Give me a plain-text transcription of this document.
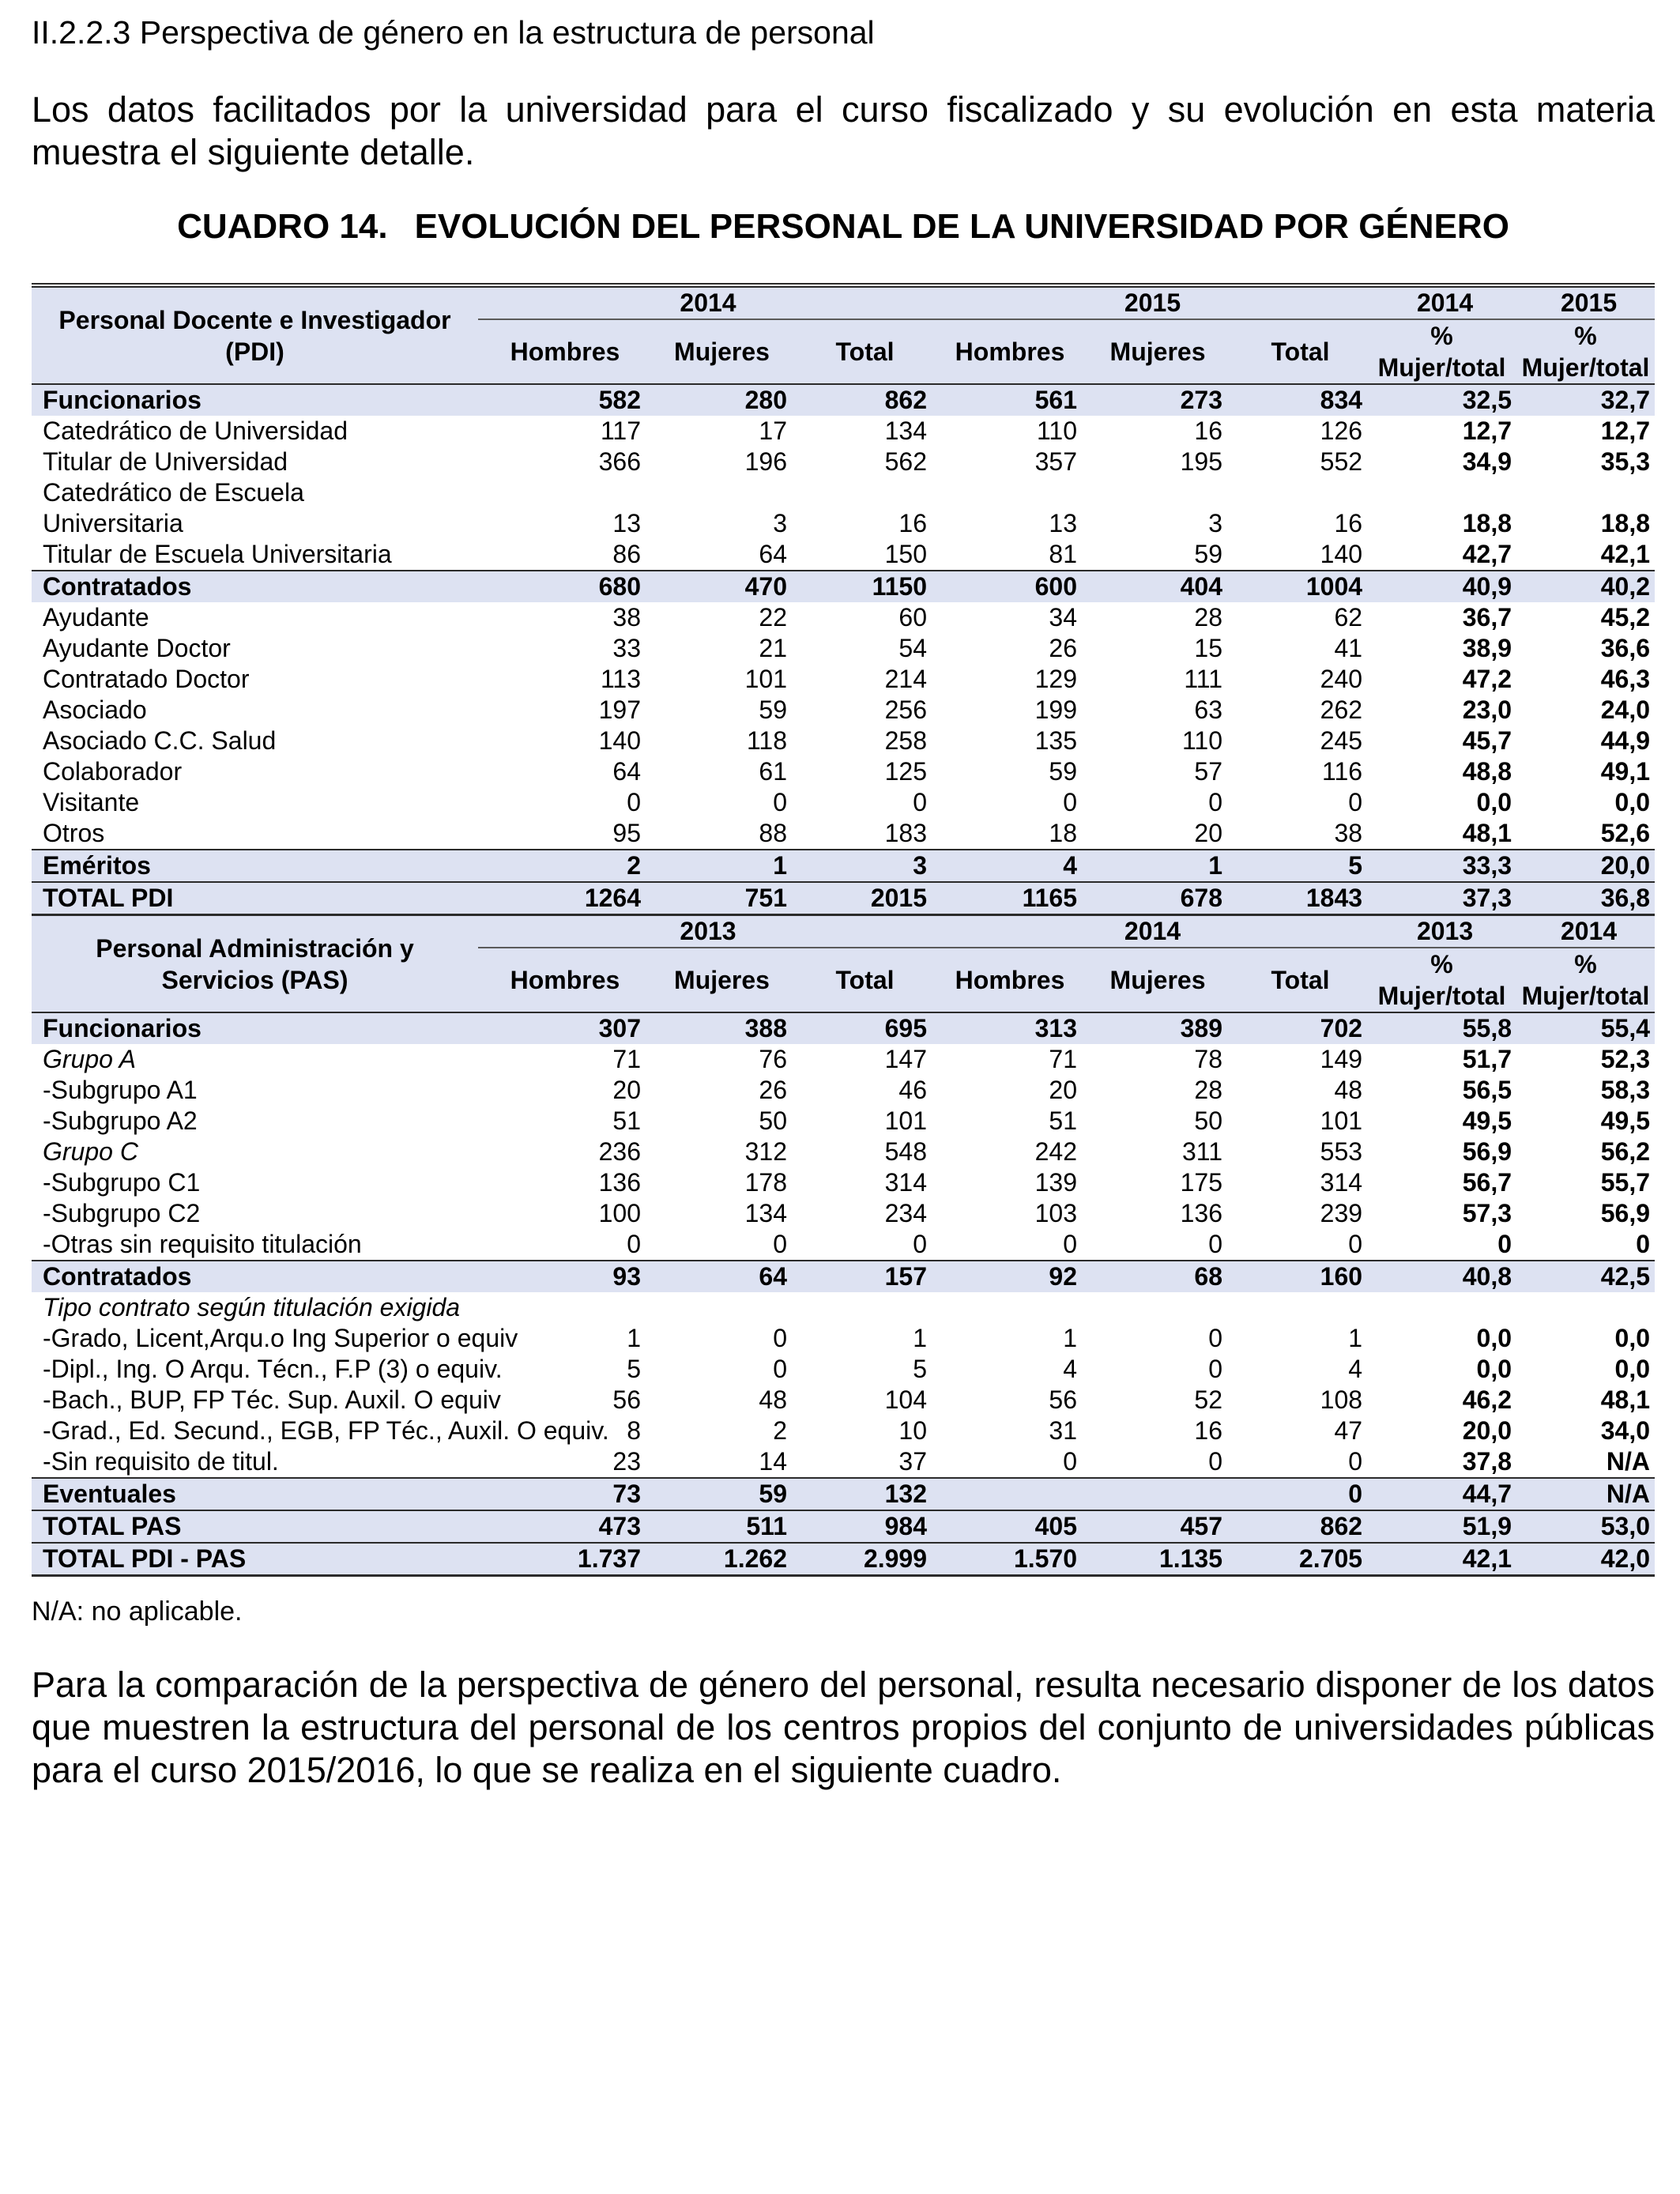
II.2.2.3 Perspectiva de género en la estructura de personal
Los datos facilitados por la universidad para el curso fiscalizado y su evolución en esta materia muestra el siguiente detalle.
CUADRO 14. EVOLUCIÓN DEL PERSONAL DE LA UNIVERSIDAD POR GÉNERO
Personal Docente e Investigador (PDI)	2014			2015			2014	2015
	Hombres	Mujeres	Total	Hombres	Mujeres	Total	% Mujer/total	% Mujer/total

Funcionarios	582	280	862	561	273	834	32,5	32,7
Catedrático de Universidad	117	17	134	110	16	126	12,7	12,7
Titular de Universidad	366	196	562	357	195	552	34,9	35,3

Catedrático de Escuela
Universitaria	13	3	16	13	3	16	18,8	18,8
Titular de Escuela Universitaria	86	64	150	81	59	140	42,7	42,1
Contratados	680	470	1150	600	404	1004	40,9	40,2
Ayudante	38	22	60	34	28	62	36,7	45,2
Ayudante Doctor	33	21	54	26	15	41	38,9	36,6
Contratado Doctor	113	101	214	129	111	240	47,2	46,3
Asociado	197	59	256	199	63	262	23,0	24,0
Asociado C.C. Salud	140	118	258	135	110	245	45,7	44,9
Colaborador	64	61	125	59	57	116	48,8	49,1
Visitante	0	0	0	0	0	0	0,0	0,0
Otros	95	88	183	18	20	38	48,1	52,6
Eméritos	2	1	3	4	1	5	33,3	20,0
TOTAL PDI	1264	751	2015	1165	678	1843	37,3	36,8
Personal Administración y Servicios (PAS)	2013			2014			2013	2014
	Hombres	Mujeres	Total	Hombres	Mujeres	Total	% Mujer/total	% Mujer/total
Funcionarios	307	388	695	313	389	702	55,8	55,4
Grupo A	71	76	147	71	78	149	51,7	52,3
-Subgrupo A1	20	26	46	20	28	48	56,5	58,3
-Subgrupo A2	51	50	101	51	50	101	49,5	49,5
Grupo C	236	312	548	242	311	553	56,9	56,2
-Subgrupo C1	136	178	314	139	175	314	56,7	55,7
-Subgrupo C2	100	134	234	103	136	239	57,3	56,9
-Otras sin requisito titulación	0	0	0	0	0	0	0	0
Contratados	93	64	157	92	68	160	40,8	42,5
Tipo contrato según titulación exigida								
-Grado, Licent,Arqu.o Ing Superior o equiv	1	0	1	1	0	1	0,0	0,0
-Dipl., Ing. O Arqu. Técn., F.P (3) o equiv.	5	0	5	4	0	4	0,0	0,0
-Bach., BUP, FP Téc. Sup. Auxil. O equiv	56	48	104	56	52	108	46,2	48,1
-Grad., Ed. Secund., EGB, FP Téc., Auxil. O equiv.	8	2	10	31	16	47	20,0	34,0
-Sin requisito de titul.	23	14	37	0	0	0	37,8	N/A
Eventuales	73	59	132			0	44,7	N/A
TOTAL PAS	473	511	984	405	457	862	51,9	53,0
TOTAL PDI - PAS	1.737	1.262	2.999	1.570	1.135	2.705	42,1	42,0
N/A: no aplicable.
Para la comparación de la perspectiva de género del personal, resulta necesario disponer de los datos que muestren la estructura del personal de los centros propios del conjunto de universidades públicas para el curso 2015/2016, lo que se realiza en el siguiente cuadro.
